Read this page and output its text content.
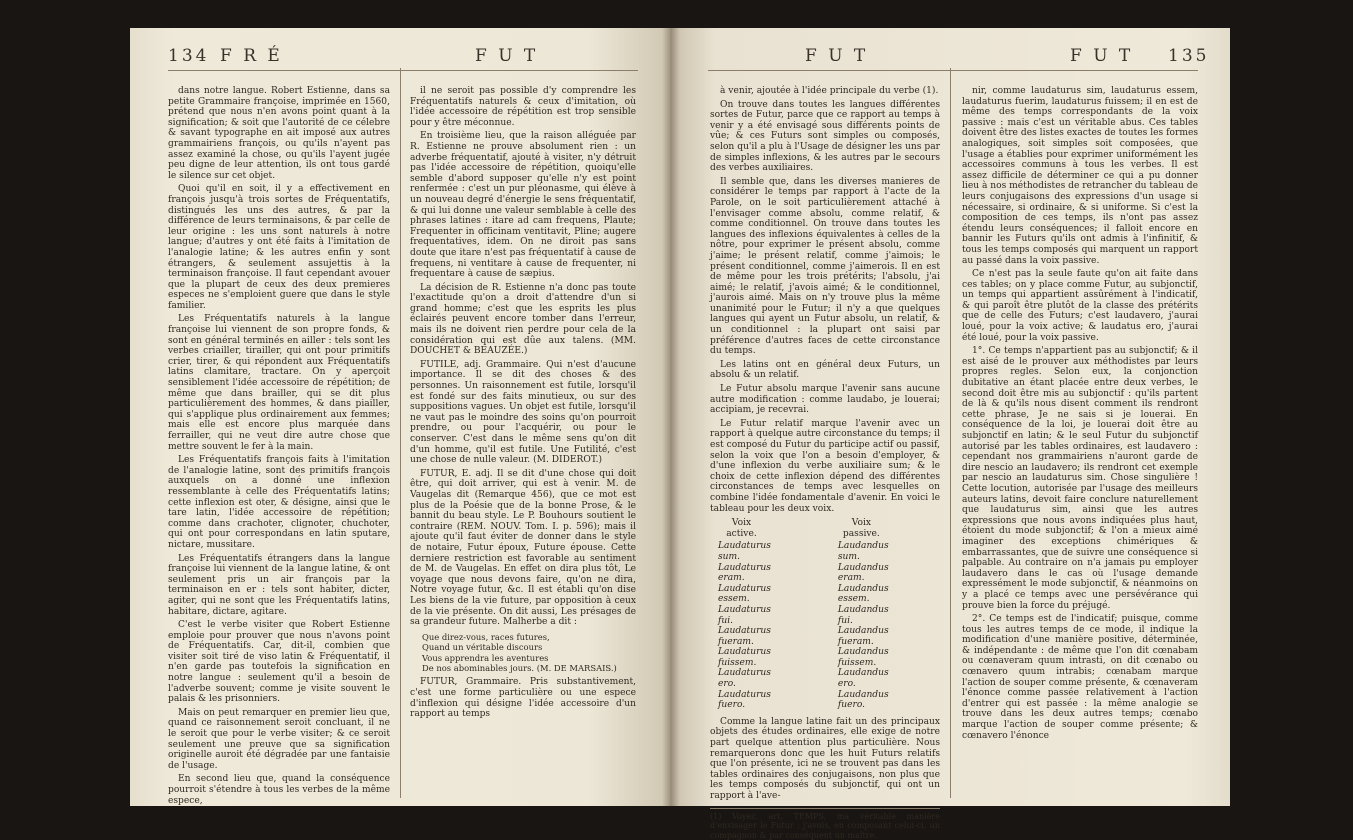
134 F R É	F U T

dans notre langue. Robert Estienne, dans sa petite Grammaire françoise, imprimée en 1560, prétend que nous n'en avons point quant à la signification; & soit que l'autorité de ce célebre & savant typographe en ait imposé aux autres grammairiens françois, ou qu'ils n'ayent pas assez examiné la chose, ou qu'ils l'ayent jugée peu digne de leur attention, ils ont tous gardé le silence sur cet objet.

Quoi qu'il en soit, il y a effectivement en françois jusqu'à trois sortes de Fréquentatifs, distingués les uns des autres, & par la différence de leurs terminaisons, & par celle de leur origine : les uns sont naturels à notre langue; d'autres y ont été faits à l'imitation de l'analogie latine; & les autres enfin y sont étrangers, & seulement assujettis à la terminaison françoise. Il faut cependant avouer que la plupart de ceux des deux premieres especes ne s'emploient guere que dans le style familier.

Les Fréquentatifs naturels à la langue françoise lui viennent de son propre fonds, & sont en général terminés en ailler : tels sont les verbes criailler, tirailler, qui ont pour primitifs crier, tirer, & qui répondent aux Fréquentatifs latins clamitare, tractare. On y aperçoit sensiblement l'idée accessoire de répétition; de même que dans brailler, qui se dit plus particulièrement des hommes, & dans piailler, qui s'applique plus ordinairement aux femmes; mais elle est encore plus marquée dans ferrailler, qui ne veut dire autre chose que mettre souvent le fer à la main.

Les Fréquentatifs françois faits à l'imitation de l'analogie latine, sont des primitifs françois auxquels on a donné une inflexion ressemblante à celle des Fréquentatifs latins; cette inflexion est oter, & désigne, ainsi que le tare latin, l'idée accessoire de répétition; comme dans crachoter, clignoter, chuchoter, qui ont pour correspondans en latin sputare, nictare, mussitare.

Les Fréquentatifs étrangers dans la langue françoise lui viennent de la langue latine, & ont seulement pris un air françois par la terminaison en er : tels sont habiter, dicter, agiter, qui ne sont que les Fréquentatifs latins, habitare, dictare, agitare.

C'est le verbe visiter que Robert Estienne emploie pour prouver que nous n'avons point de Fréquentatifs. Car, dit-il, combien que visiter soit tiré de viso latin & Fréquentatif, il n'en garde pas toutefois la signification en notre langue : seulement qu'il a besoin de l'adverbe souvent; comme je visite souvent le palais & les prisonniers.

Mais on peut remarquer en premier lieu que, quand ce raisonnement seroit concluant, il ne le seroit que pour le verbe visiter; & ce seroit seulement une preuve que sa signification originelle auroit été dégradée par une fantaisie de l'usage.

En second lieu que, quand la conséquence pourroit s'étendre à tous les verbes de la même espece,

il ne seroit pas possible d'y comprendre les Fréquentatifs naturels & ceux d'imitation, où l'idée accessoire de répétition est trop sensible pour y être méconnue.

En troisième lieu, que la raison alléguée par R. Estienne ne prouve absolument rien : un adverbe fréquentatif, ajouté à visiter, n'y détruit pas l'idée accessoire de répétition, quoiqu'elle semble d'abord supposer qu'elle n'y est point renfermée : c'est un pur pléonasme, qui élève à un nouveau degré d'énergie le sens fréquentatif, & qui lui donne une valeur semblable à celle des phrases latines : itare ad cam frequens, Plaute; Frequenter in officinam ventitavit, Pline; augere frequentatives, idem. On ne diroit pas sans doute que itare n'est pas fréquentatif à cause de frequens, ni ventitare à cause de frequenter, ni frequentare à cause de sæpius.

La décision de R. Estienne n'a donc pas toute l'exactitude qu'on a droit d'attendre d'un si grand homme; c'est que les esprits les plus éclairés peuvent encore tomber dans l'erreur, mais ils ne doivent rien perdre pour cela de la considération qui est dûe aux talens. (MM. DOUCHET & BEAUZÉE.)

FUTILE, adj. Grammaire. Qui n'est d'aucune importance. Il se dit des choses & des personnes. Un raisonnement est futile, lorsqu'il est fondé sur des faits minutieux, ou sur des suppositions vagues. Un objet est futile, lorsqu'il ne vaut pas le moindre des soins qu'on pourroit prendre, ou pour l'acquérir, ou pour le conserver. C'est dans le même sens qu'on dit d'un homme, qu'il est futile. Une Futilité, c'est une chose de nulle valeur. (M. DIDEROT.)

FUTUR, E. adj. Il se dit d'une chose qui doit être, qui doit arriver, qui est à venir. M. de Vaugelas dit (Remarque 456), que ce mot est plus de la Poésie que de la bonne Prose, & le bannit du beau style. Le P. Bouhours soutient le contraire (REM. NOUV. Tom. I. p. 596); mais il ajoute qu'il faut éviter de donner dans le style de notaire, Futur époux, Future épouse. Cette derniere restriction est favorable au sentiment de M. de Vaugelas. En effet on dira plus tôt, Le voyage que nous devons faire, qu'on ne dira, Notre voyage futur, &c. Il est établi qu'on dise Les biens de la vie future, par opposition à ceux de la vie présente. On dit aussi, Les présages de sa grandeur future. Malherbe a dit :

Que direz-vous, races futures,
Quand un véritable discours
Vous apprendra les aventures
De nos abominables jours. (M. DE MARSAIS.)

FUTUR, Grammaire. Pris substantivement, c'est une forme particulière ou une espece d'inflexion qui désigne l'idée accessoire d'un rapport au temps

F U T	F U T 135

à venir, ajoutée à l'idée principale du verbe (1).

On trouve dans toutes les langues différentes sortes de Futur, parce que ce rapport au temps à venir y a été envisagé sous différents points de vûe; & ces Futurs sont simples ou composés, selon qu'il a plu à l'Usage de désigner les uns par de simples inflexions, & les autres par le secours des verbes auxiliaires.

Il semble que, dans les diverses manieres de considérer le temps par rapport à l'acte de la Parole, on le soit particulièrement attaché à l'envisager comme absolu, comme relatif, & comme conditionnel. On trouve dans toutes les langues des inflexions équivalentes à celles de la nôtre, pour exprimer le présent absolu, comme j'aime; le présent relatif, comme j'aimois; le présent conditionnel, comme j'aimerois. Il en est de même pour les trois prétérits; l'absolu, j'ai aimé; le relatif, j'avois aimé; & le conditionnel, j'aurois aimé. Mais on n'y trouve plus la même unanimité pour le Futur; il n'y a que quelques langues qui ayent un Futur absolu, un relatif, & un conditionnel : la plupart ont saisi par préférence d'autres faces de cette circonstance du temps.

Les latins ont en général deux Futurs, un absolu & un relatif.

Le Futur absolu marque l'avenir sans aucune autre modification : comme laudabo, je louerai; accipiam, je recevrai.

Le Futur relatif marque l'avenir avec un rapport à quelque autre circonstance du temps; il est composé du Futur du participe actif ou passif, selon la voix que l'on a besoin d'employer, & d'une inflexion du verbe auxiliaire sum; & le choix de cette inflexion dépend des différentes circonstances de temps avec lesquelles on combine l'idée fondamentale d'avenir. En voici le tableau pour les deux voix.

Voix active.
Laudaturus sum.
Laudaturus eram.
Laudaturus essem.
Laudaturus fui.
Laudaturus fueram.
Laudaturus fuissem.
Laudaturus ero.
Laudaturus fuero.
Voix passive.
Laudandus sum.
Laudandus eram.
Laudandus essem.
Laudandus fui.
Laudandus fueram.
Laudandus fuissem.
Laudandus ero.
Laudandus fuero.

Comme la langue latine fait un des principaux objets des études ordinaires, elle exige de notre part quelque attention plus particulière. Nous remarquerons donc que les huit Futurs relatifs que l'on présente, ici ne se trouvent pas dans les tables ordinaires des conjugaisons, non plus que les temps composés du subjonctif, qui ont un rapport à l'ave-

(1) Voyez, art. TEMPS, ma véritable manière d'envisager le Futur : j'avois, en composant celui-ci, un compagnon & par conséquent un maître.

nir, comme laudaturus sim, laudaturus essem, laudaturus fuerim, laudaturus fuissem; il en est de même des temps correspondants de la voix passive : mais c'est un véritable abus. Ces tables doivent être des listes exactes de toutes les formes analogiques, soit simples soit composées, que l'usage a établies pour exprimer uniformément les accessoires communs à tous les verbes. Il est assez difficile de déterminer ce qui a pu donner lieu à nos méthodistes de retrancher du tableau de leurs conjugaisons des expressions d'un usage si nécessaire, si ordinaire, & si uniforme. Si c'est la composition de ces temps, ils n'ont pas assez étendu leurs conséquences; il falloit encore en bannir les Futurs qu'ils ont admis à l'infinitif, & tous les temps composés qui marquent un rapport au passé dans la voix passive.

Ce n'est pas la seule faute qu'on ait faite dans ces tables; on y place comme Futur, au subjonctif, un temps qui appartient assûrément à l'indicatif, & qui paroît être plutôt de la classe des prétérits que de celle des Futurs; c'est laudavero, j'aurai loué, pour la voix active; & laudatus ero, j'aurai été loué, pour la voix passive.

1°. Ce temps n'appartient pas au subjonctif; & il est aisé de le prouver aux méthodistes par leurs propres regles. Selon eux, la conjonction dubitative an étant placée entre deux verbes, le second doit être mis au subjonctif : qu'ils partent de là & qu'ils nous disent comment ils rendront cette phrase, Je ne sais si je louerai. En conséquence de la loi, je louerai doit être au subjonctif en latin; & le seul Futur du subjonctif autorisé par les tables ordinaires, est laudavero : cependant nos grammairiens n'auront garde de dire nescio an laudavero; ils rendront cet exemple par nescio an laudaturus sim. Chose singulière ! Cette locution, autorisée par l'usage des meilleurs auteurs latins, devoit faire conclure naturellement que laudaturus sim, ainsi que les autres expressions que nous avons indiquées plus haut, étoient du mode subjonctif; & l'on a mieux aimé imaginer des exceptions chimériques & embarrassantes, que de suivre une conséquence si palpable. Au contraire on n'a jamais pu employer laudavero dans le cas où l'usage demande expressément le mode subjonctif, & néanmoins on y a placé ce temps avec une persévérance qui prouve bien la force du préjugé.

2°. Ce temps est de l'indicatif; puisque, comme tous les autres temps de ce mode, il indique la modification d'une manière positive, déterminée, & indépendante : de même que l'on dit cœnabam ou cœnaveram quum intrasti, on dit cœnabo ou cœnavero quum intrabis; cœnabam marque l'action de souper comme présente, & cœnaveram l'énonce comme passée relativement à l'action d'entrer qui est passée : la même analogie se trouve dans les deux autres temps; cœnabo marque l'action de souper comme présente; & cœnavero l'énonce
